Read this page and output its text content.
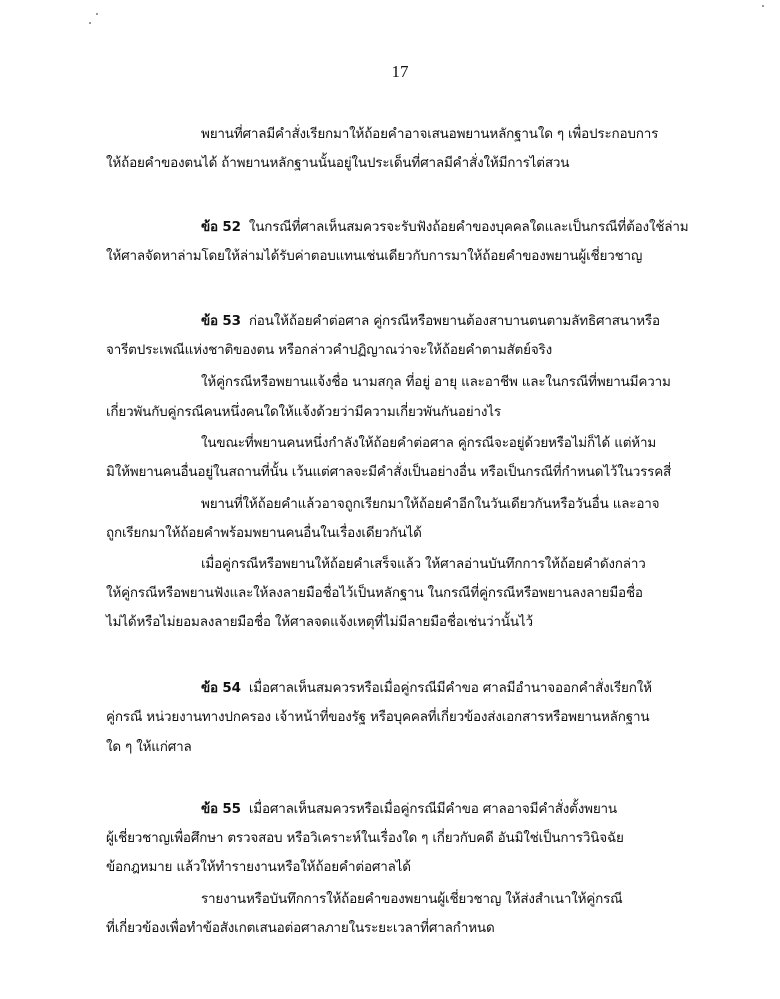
17
พยานที่ศาลมีคำสั่งเรียกมาให้ถ้อยคำอาจเสนอพยานหลักฐานใด ๆ เพื่อประกอบการ
ให้ถ้อยคำของตนได้ ถ้าพยานหลักฐานนั้นอยู่ในประเด็นที่ศาลมีคำสั่งให้มีการไต่สวน
ข้อ 52 ในกรณีที่ศาลเห็นสมควรจะรับฟังถ้อยคำของบุคคลใดและเป็นกรณีที่ต้องใช้ล่าม
ให้ศาลจัดหาล่ามโดยให้ล่ามได้รับค่าตอบแทนเช่นเดียวกับการมาให้ถ้อยคำของพยานผู้เชี่ยวชาญ
ข้อ 53 ก่อนให้ถ้อยคำต่อศาล คู่กรณีหรือพยานต้องสาบานตนตามลัทธิศาสนาหรือ
จารีตประเพณีแห่งชาติของตน หรือกล่าวคำปฏิญาณว่าจะให้ถ้อยคำตามสัตย์จริง
ให้คู่กรณีหรือพยานแจ้งชื่อ นามสกุล ที่อยู่ อายุ และอาชีพ และในกรณีที่พยานมีความ
เกี่ยวพันกับคู่กรณีคนหนึ่งคนใดให้แจ้งด้วยว่ามีความเกี่ยวพันกันอย่างไร
ในขณะที่พยานคนหนึ่งกำลังให้ถ้อยคำต่อศาล คู่กรณีจะอยู่ด้วยหรือไม่ก็ได้ แต่ห้าม
มิให้พยานคนอื่นอยู่ในสถานที่นั้น เว้นแต่ศาลจะมีคำสั่งเป็นอย่างอื่น หรือเป็นกรณีที่กำหนดไว้ในวรรคสี่
พยานที่ให้ถ้อยคำแล้วอาจถูกเรียกมาให้ถ้อยคำอีกในวันเดียวกันหรือวันอื่น และอาจ
ถูกเรียกมาให้ถ้อยคำพร้อมพยานคนอื่นในเรื่องเดียวกันได้
เมื่อคู่กรณีหรือพยานให้ถ้อยคำเสร็จแล้ว ให้ศาลอ่านบันทึกการให้ถ้อยคำดังกล่าว
ให้คู่กรณีหรือพยานฟังและให้ลงลายมือชื่อไว้เป็นหลักฐาน ในกรณีที่คู่กรณีหรือพยานลงลายมือชื่อ
ไม่ได้หรือไม่ยอมลงลายมือชื่อ ให้ศาลจดแจ้งเหตุที่ไม่มีลายมือชื่อเช่นว่านั้นไว้
ข้อ 54 เมื่อศาลเห็นสมควรหรือเมื่อคู่กรณีมีคำขอ ศาลมีอำนาจออกคำสั่งเรียกให้
คู่กรณี หน่วยงานทางปกครอง เจ้าหน้าที่ของรัฐ หรือบุคคลที่เกี่ยวข้องส่งเอกสารหรือพยานหลักฐาน
ใด ๆ ให้แก่ศาล
ข้อ 55 เมื่อศาลเห็นสมควรหรือเมื่อคู่กรณีมีคำขอ ศาลอาจมีคำสั่งตั้งพยาน
ผู้เชี่ยวชาญเพื่อศึกษา ตรวจสอบ หรือวิเคราะห์ในเรื่องใด ๆ เกี่ยวกับคดี อันมิใช่เป็นการวินิจฉัย
ข้อกฎหมาย แล้วให้ทำรายงานหรือให้ถ้อยคำต่อศาลได้
รายงานหรือบันทึกการให้ถ้อยคำของพยานผู้เชี่ยวชาญ ให้ส่งสำเนาให้คู่กรณี
ที่เกี่ยวข้องเพื่อทำข้อสังเกตเสนอต่อศาลภายในระยะเวลาที่ศาลกำหนด
